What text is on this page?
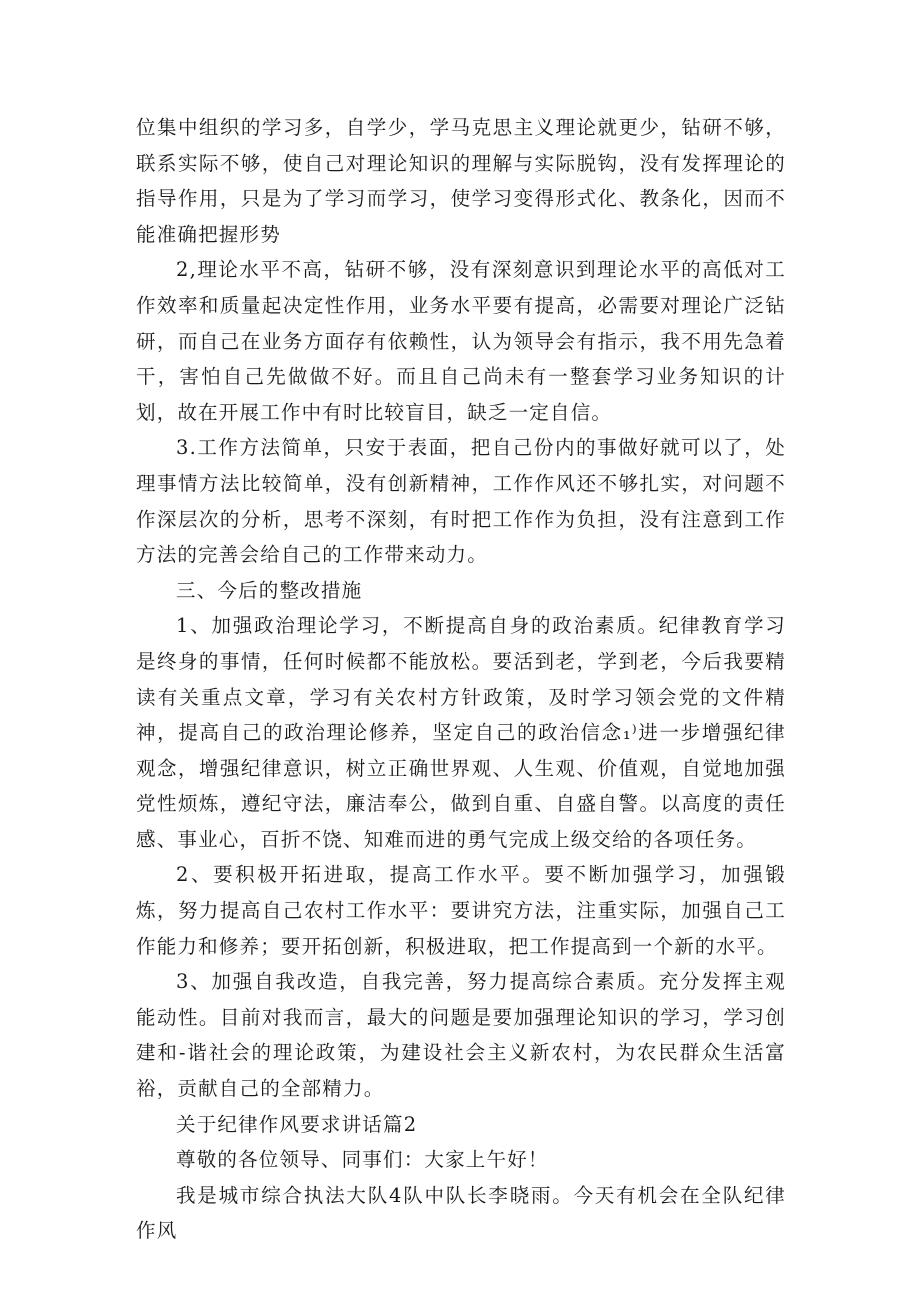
位集中组织的学习多，自学少，学马克思主义理论就更少，钻研不够，联系实际不够，使自己对理论知识的理解与实际脱钩，没有发挥理论的指导作用，只是为了学习而学习，使学习变得形式化、教条化，因而不能准确把握形势

2,理论水平不高，钻研不够，没有深刻意识到理论水平的高低对工作效率和质量起决定性作用，业务水平要有提高，必需要对理论广泛钻研，而自己在业务方面存有依赖性，认为领导会有指示，我不用先急着干，害怕自己先做做不好。而且自己尚未有一整套学习业务知识的计划，故在开展工作中有时比较盲目，缺乏一定自信。

3.工作方法简单，只安于表面，把自己份内的事做好就可以了，处理事情方法比较简单，没有创新精神，工作作风还不够扎实，对问题不作深层次的分析，思考不深刻，有时把工作作为负担，没有注意到工作方法的完善会给自己的工作带来动力。

三、今后的整改措施

1、加强政治理论学习，不断提高自身的政治素质。纪律教育学习是终身的事情，任何时候都不能放松。要活到老，学到老，今后我要精读有关重点文章，学习有关农村方针政策，及时学习领会党的文件精神，提高自己的政治理论修养，坚定自己的政治信念₁⁾进一步增强纪律观念，增强纪律意识，树立正确世界观、人生观、价值观，自觉地加强党性烦炼，遵纪守法，廉洁奉公，做到自重、自盛自警。以高度的责任感、事业心，百折不饶、知难而进的勇气完成上级交给的各项任务。

2、要积极开拓进取，提高工作水平。要不断加强学习，加强锻炼，努力提高自己农村工作水平：要讲究方法，注重实际，加强自己工作能力和修养；要开拓创新，积极进取，把工作提高到一个新的水平。

3、加强自我改造，自我完善，努力提高综合素质。充分发挥主观能动性。目前对我而言，最大的问题是要加强理论知识的学习，学习创建和-谐社会的理论政策，为建设社会主义新农村，为农民群众生活富裕，贡献自己的全部精力。

关于纪律作风要求讲话篇2

尊敬的各位领导、同事们：大家上午好！

我是城市综合执法大队4队中队长李晓雨。今天有机会在全队纪律作风
